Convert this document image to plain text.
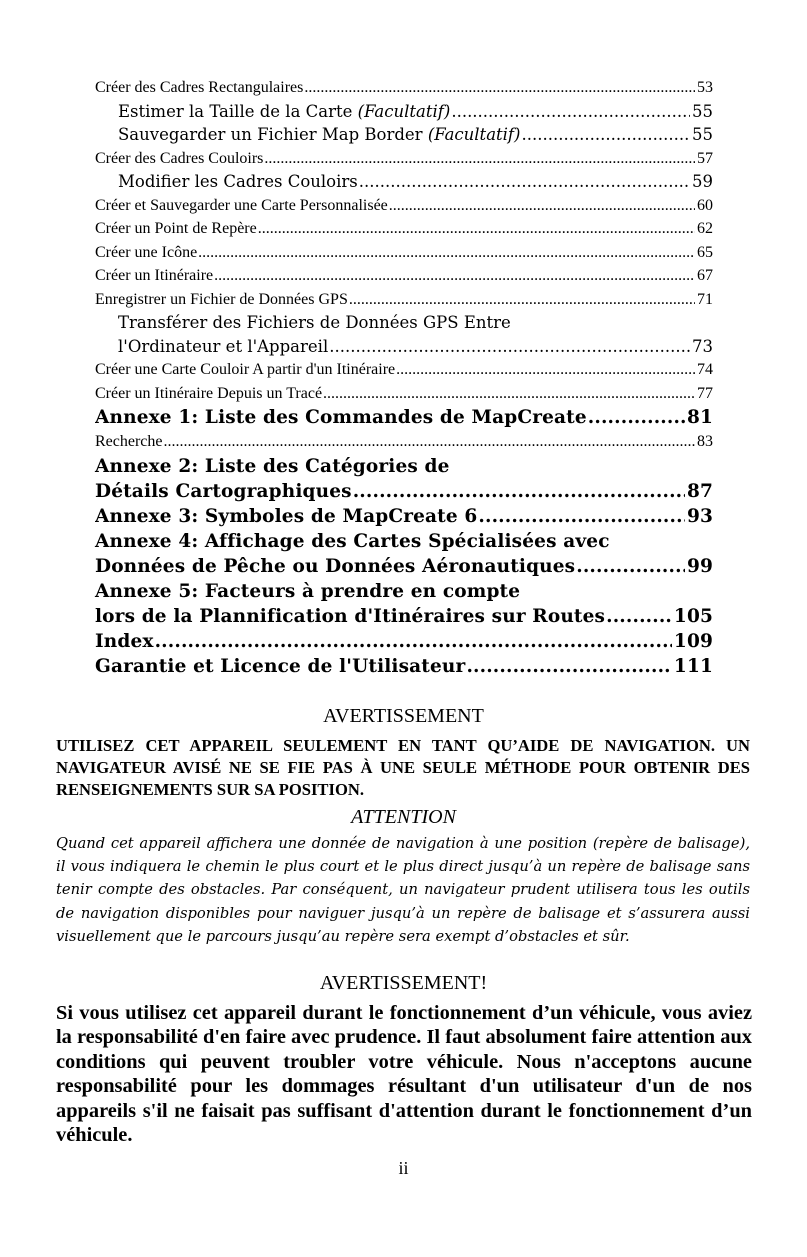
Créer des Cadres Rectangulaires .....	53
Estimer la Taille de la Carte (Facultatif) .....	55
Sauvegarder un Fichier Map Border (Facultatif) .....	55
Créer des Cadres Couloirs .....	57
Modifier les Cadres Couloirs .....	59
Créer et Sauvegarder une Carte Personnalisée .....	60
Créer un Point de Repère .....	62
Créer une Icône .....	65
Créer un Itinéraire .....	67
Enregistrer un Fichier de Données GPS .....	71
Transférer des Fichiers de Données GPS Entre
l'Ordinateur et l'Appareil .....	73
Créer une Carte Couloir A partir d'un Itinéraire .....	74
Créer un Itinéraire Depuis un Tracé .....	77
Annexe 1: Liste des Commandes de MapCreate .....	81
Recherche .....	83
Annexe 2: Liste des Catégories de
Détails Cartographiques .....	87
Annexe 3: Symboles de MapCreate 6 .....	93
Annexe 4: Affichage des Cartes Spécialisées avec
Données de Pêche ou Données Aéronautiques .....	99
Annexe 5: Facteurs à prendre en compte
lors de la Plannification d'Itinéraires sur Routes .....	105
Index .....	109
Garantie et Licence de l'Utilisateur .....	111
AVERTISSEMENT
UTILISEZ CET APPAREIL SEULEMENT EN TANT QU’AIDE DE NAVIGATION. UN NAVIGATEUR AVISÉ NE SE FIE PAS À UNE SEULE MÉTHODE POUR OBTENIR DES RENSEIGNEMENTS SUR SA POSITION.
ATTENTION
Quand cet appareil affichera une donnée de navigation à une position (repère de balisage), il vous indiquera le chemin le plus court et le plus direct jusqu’à un repère de balisage sans tenir compte des obstacles. Par conséquent, un navigateur prudent utilisera tous les outils de navigation disponibles pour naviguer jusqu’à un repère de balisage et s’assurera aussi visuellement que le parcours jusqu’au repère sera exempt d’obstacles et sûr.
AVERTISSEMENT!
Si vous utilisez cet appareil durant le fonctionnement d’un véhicule, vous aviez la responsabilité d'en faire avec prudence. Il faut absolument faire attention aux conditions qui peuvent troubler votre véhicule. Nous n'acceptons aucune responsabilité pour les dommages résultant d'un utilisateur d'un de nos appareils s'il ne faisait pas suffisant d'attention durant le fonctionnement d’un véhicule.
ii
